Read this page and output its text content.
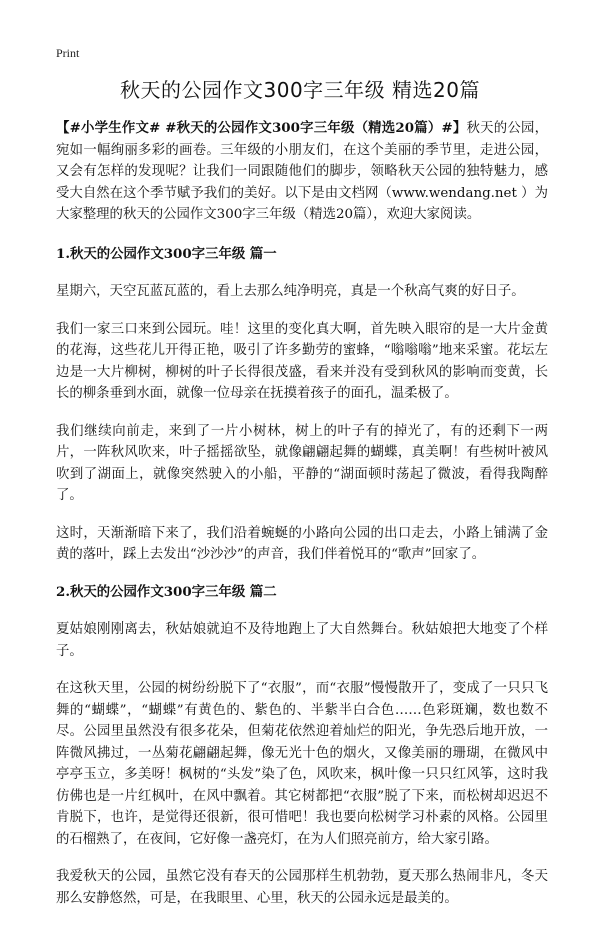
Print
秋天的公园作文300字三年级 精选20篇

【#小学生作文# #秋天的公园作文300字三年级（精选20篇）#】秋天的公园，宛如一幅绚丽多彩的画卷。三年级的小朋友们，在这个美丽的季节里，走进公园，又会有怎样的发现呢？让我们一同跟随他们的脚步，领略秋天公园的独特魅力，感受大自然在这个季节赋予我们的美好。以下是由文档网（www.wendang.net ）为大家整理的秋天的公园作文300字三年级（精选20篇），欢迎大家阅读。

1.秋天的公园作文300字三年级 篇一

星期六，天空瓦蓝瓦蓝的，看上去那么纯净明亮，真是一个秋高气爽的好日子。

我们一家三口来到公园玩。哇！这里的变化真大啊，首先映入眼帘的是一大片金黄的花海，这些花儿开得正艳，吸引了许多勤劳的蜜蜂，“嗡嗡嗡”地来采蜜。花坛左边是一大片柳树，柳树的叶子长得很茂盛，看来并没有受到秋风的影响而变黄，长长的柳条垂到水面，就像一位母亲在抚摸着孩子的面孔，温柔极了。

我们继续向前走，来到了一片小树林，树上的叶子有的掉光了，有的还剩下一两片，一阵秋风吹来，叶子摇摇欲坠，就像翩翩起舞的蝴蝶，真美啊！有些树叶被风吹到了湖面上，就像突然驶入的小船，平静的“湖面顿时荡起了微波，看得我陶醉了。

这时，天渐渐暗下来了，我们沿着蜿蜒的小路向公园的出口走去，小路上铺满了金黄的落叶，踩上去发出“沙沙沙”的声音，我们伴着悦耳的“歌声”回家了。

2.秋天的公园作文300字三年级 篇二

夏姑娘刚刚离去，秋姑娘就迫不及待地跑上了大自然舞台。秋姑娘把大地变了个样子。

在这秋天里，公园的树纷纷脱下了“衣服”，而“衣服”慢慢散开了，变成了一只只飞舞的“蝴蝶”，“蝴蝶”有黄色的、紫色的、半紫半白合色……色彩斑斓，数也数不尽。公园里虽然没有很多花朵，但菊花依然迎着灿烂的阳光，争先恐后地开放，一阵微风拂过，一丛菊花翩翩起舞，像无光十色的烟火，又像美丽的珊瑚，在微风中亭亭玉立，多美呀！枫树的“头发”染了色，风吹来，枫叶像一只只红风筝，这时我仿佛也是一片红枫叶，在风中飘着。其它树都把“衣服”脱了下来，而松树却迟迟不肯脱下，也许，是觉得还很新，很可惜吧！我也要向松树学习朴素的风格。公园里的石榴熟了，在夜间，它好像一盏亮灯，在为人们照亮前方，给大家引路。

我爱秋天的公园，虽然它没有春天的公园那样生机勃勃，夏天那么热闹非凡，冬天那么安静悠然，可是，在我眼里、心里，秋天的公园永远是最美的。
